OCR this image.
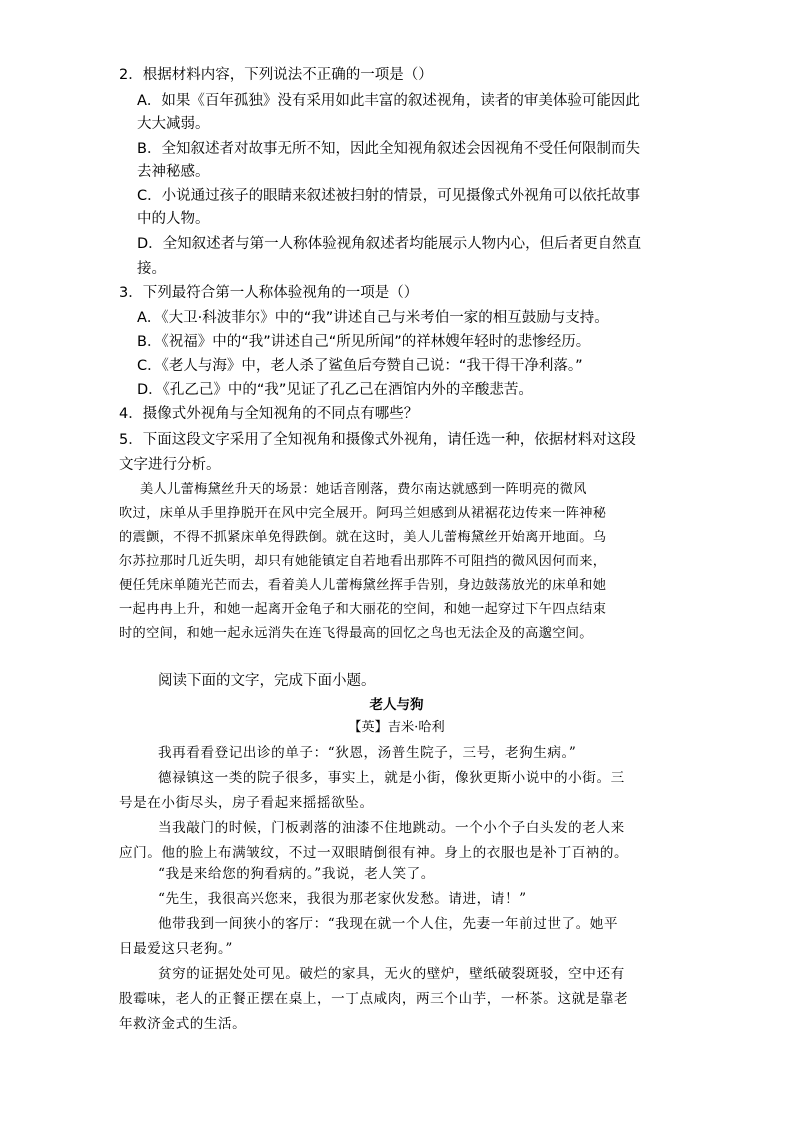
2．根据材料内容，下列说法不正确的一项是（）
A．如果《百年孤独》没有采用如此丰富的叙述视角，读者的审美体验可能因此
大大减弱。
B．全知叙述者对故事无所不知，因此全知视角叙述会因视角不受任何限制而失
去神秘感。
C．小说通过孩子的眼睛来叙述被扫射的情景，可见摄像式外视角可以依托故事
中的人物。
D．全知叙述者与第一人称体验视角叙述者均能展示人物内心，但后者更自然直
接。
3．下列最符合第一人称体验视角的一项是（）
A．《大卫·科波菲尔》中的“我”讲述自己与米考伯一家的相互鼓励与支持。
B．《祝福》中的“我”讲述自己“所见所闻”的祥林嫂年轻时的悲惨经历。
C．《老人与海》中，老人杀了鲨鱼后夸赞自己说：“我干得干净利落。”
D．《孔乙己》中的“我”见证了孔乙己在酒馆内外的辛酸悲苦。
4．摄像式外视角与全知视角的不同点有哪些？
5．下面这段文字采用了全知视角和摄像式外视角，请任选一种，依据材料对这段
文字进行分析。
美人儿蕾梅黛丝升天的场景：她话音刚落，费尔南达就感到一阵明亮的微风
吹过，床单从手里挣脱开在风中完全展开。阿玛兰妲感到从裙裾花边传来一阵神秘
的震颤，不得不抓紧床单免得跌倒。就在这时，美人儿蕾梅黛丝开始离开地面。乌
尔苏拉那时几近失明，却只有她能镇定自若地看出那阵不可阻挡的微风因何而来，
便任凭床单随光芒而去，看着美人儿蕾梅黛丝挥手告别，身边鼓荡放光的床单和她
一起冉冉上升，和她一起离开金龟子和大丽花的空间，和她一起穿过下午四点结束
时的空间，和她一起永远消失在连飞得最高的回忆之鸟也无法企及的高邈空间。
阅读下面的文字，完成下面小题。
老人与狗
【英】吉米·哈利
我再看看登记出诊的单子：“狄恩，汤普生院子，三号，老狗生病。”
德禄镇这一类的院子很多，事实上，就是小街，像狄更斯小说中的小街。三
号是在小街尽头，房子看起来摇摇欲坠。
当我敲门的时候，门板剥落的油漆不住地跳动。一个小个子白头发的老人来
应门。他的脸上布满皱纹，不过一双眼睛倒很有神。身上的衣服也是补丁百衲的。
“我是来给您的狗看病的。”我说，老人笑了。
“先生，我很高兴您来，我很为那老家伙发愁。请进，请！”
他带我到一间狭小的客厅：“我现在就一个人住，先妻一年前过世了。她平
日最爱这只老狗。”
贫穷的证据处处可见。破烂的家具，无火的壁炉，壁纸破裂斑驳，空中还有
股霉味，老人的正餐正摆在桌上，一丁点咸肉，两三个山芋，一杯茶。这就是靠老
年救济金式的生活。
